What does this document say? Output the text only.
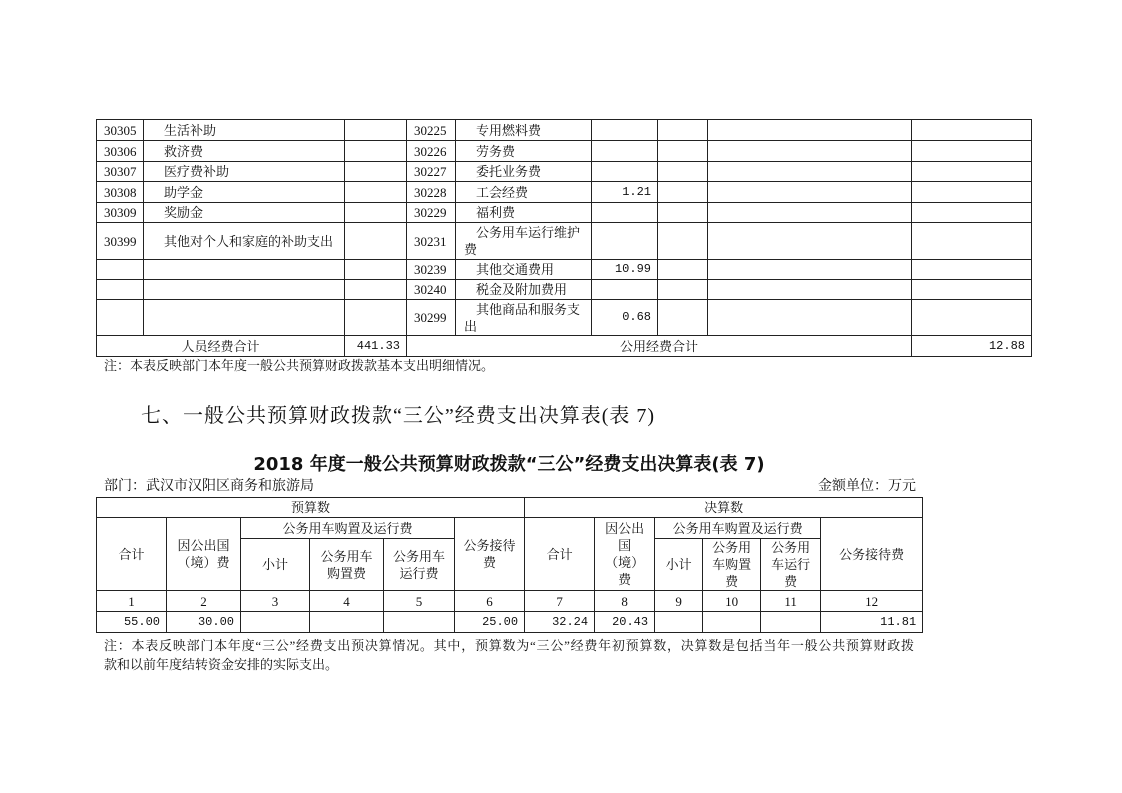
30305	生活补助		30225	专用燃料费				
30306	救济费		30226	劳务费				
30307	医疗费补助		30227	委托业务费				
30308	助学金		30228	工会经费	1.21			
30309	奖励金		30229	福利费				
30399	其他对个人和家庭的补助支出		30231	公务用车运行维护费				
			30239	其他交通费用	10.99			
			30240	税金及附加费用				
			30299	其他商品和服务支出	0.68			
人员经费合计		441.33	公用经费合计					12.88
注：本表反映部门本年度一般公共预算财政拨款基本支出明细情况。
七、一般公共预算财政拨款“三公”经费支出决算表(表 7)
2018 年度一般公共预算财政拨款“三公”经费支出决算表(表 7)
部门：武汉市汉阳区商务和旅游局	金额单位：万元
预算数						决算数					
合计	因公出国（境）费	公务用车购置及运行费			公务接待费	合计	因公出国（境）费	公务用车购置及运行费			公务接待费
		小计	公务用车购置费	公务用车运行费				小计	公务用车购置费	公务用车运行费	

1	2	3	4	5	6	7	8	9	10	11	12
55.00	30.00				25.00	32.24	20.43				11.81
注：本表反映部门本年度“三公”经费支出预决算情况。其中，预算数为“三公”经费年初预算数，决算数是包括当年一般公共预算财政拨
款和以前年度结转资金安排的实际支出。
